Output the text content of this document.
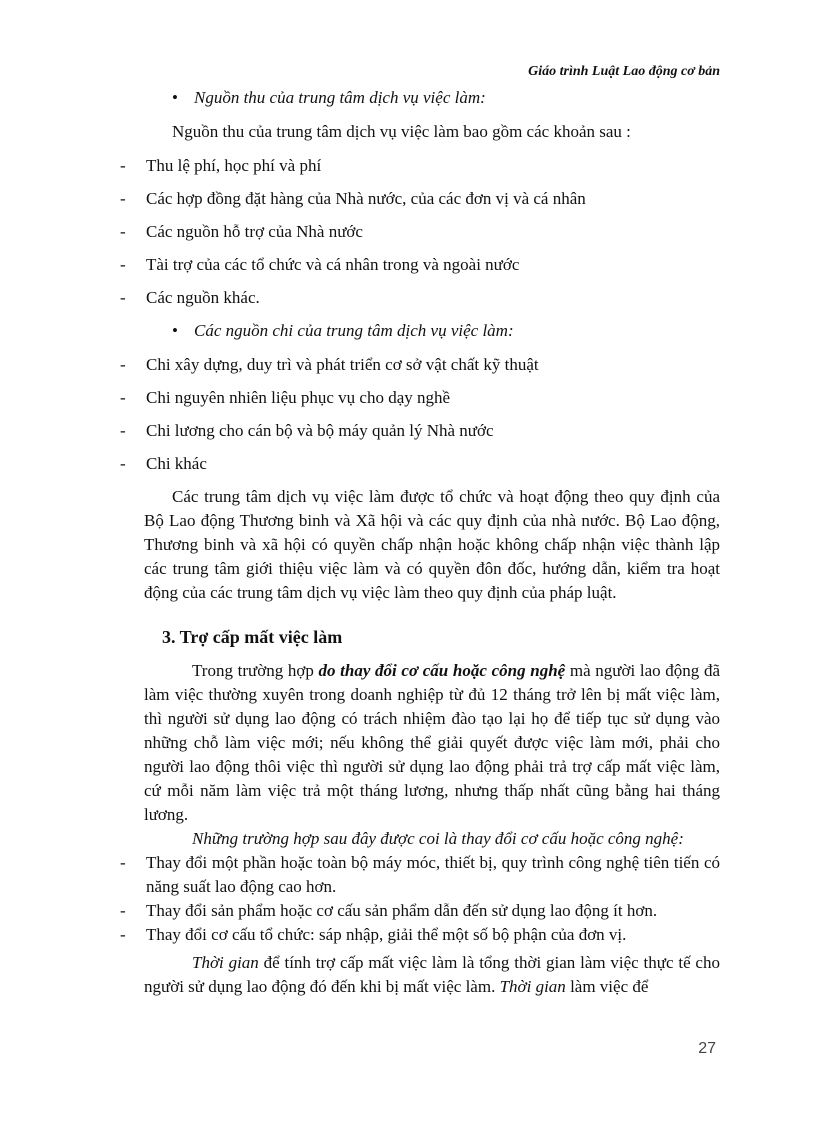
Giáo trình Luật Lao động cơ bản
• Nguồn thu của trung tâm dịch vụ việc làm:

Nguồn thu của trung tâm dịch vụ việc làm bao gồm các khoản sau :

- Thu lệ phí, học phí và phí

- Các hợp đồng đặt hàng của Nhà nước, của các đơn vị và cá nhân

- Các nguồn hỗ trợ của Nhà nước

- Tài trợ của các tổ chức và cá nhân trong và ngoài nước

- Các nguồn khác.

• Các nguồn chi của trung tâm dịch vụ việc làm:

- Chi xây dựng, duy trì và phát triển cơ sở vật chất kỹ thuật

- Chi nguyên nhiên liệu phục vụ cho dạy nghề

- Chi lương cho cán bộ và bộ máy quản lý Nhà nước

- Chi khác

Các trung tâm dịch vụ việc làm được tổ chức và hoạt động theo quy định của Bộ Lao động Thương binh và Xã hội và các quy định của nhà nước. Bộ Lao động, Thương binh và xã hội có quyền chấp nhận hoặc không chấp nhận việc thành lập các trung tâm giới thiệu việc làm và có quyền đôn đốc, hướng dẫn, kiểm tra hoạt động của các trung tâm dịch vụ việc làm theo quy định của pháp luật.

3. Trợ cấp mất việc làm

Trong trường hợp do thay đổi cơ cấu hoặc công nghệ mà người lao động đã làm việc thường xuyên trong doanh nghiệp từ đủ 12 tháng trở lên bị mất việc làm, thì người sử dụng lao động có trách nhiệm đào tạo lại họ để tiếp tục sử dụng vào những chỗ làm việc mới; nếu không thể giải quyết được việc làm mới, phải cho người lao động thôi việc thì người sử dụng lao động phải trả trợ cấp mất việc làm, cứ mỗi năm làm việc trả một tháng lương, nhưng thấp nhất cũng bằng hai tháng lương.

Những trường hợp sau đây được coi là thay đổi cơ cấu hoặc công nghệ:

- Thay đổi một phần hoặc toàn bộ máy móc, thiết bị, quy trình công nghệ tiên tiến có năng suất lao động cao hơn.

- Thay đổi sản phẩm hoặc cơ cấu sản phẩm dẫn đến sử dụng lao động ít hơn.

- Thay đổi cơ cấu tổ chức: sáp nhập, giải thể một số bộ phận của đơn vị.

Thời gian để tính trợ cấp mất việc làm là tổng thời gian làm việc thực tế cho người sử dụng lao động đó đến khi bị mất việc làm. Thời gian làm việc để

27
